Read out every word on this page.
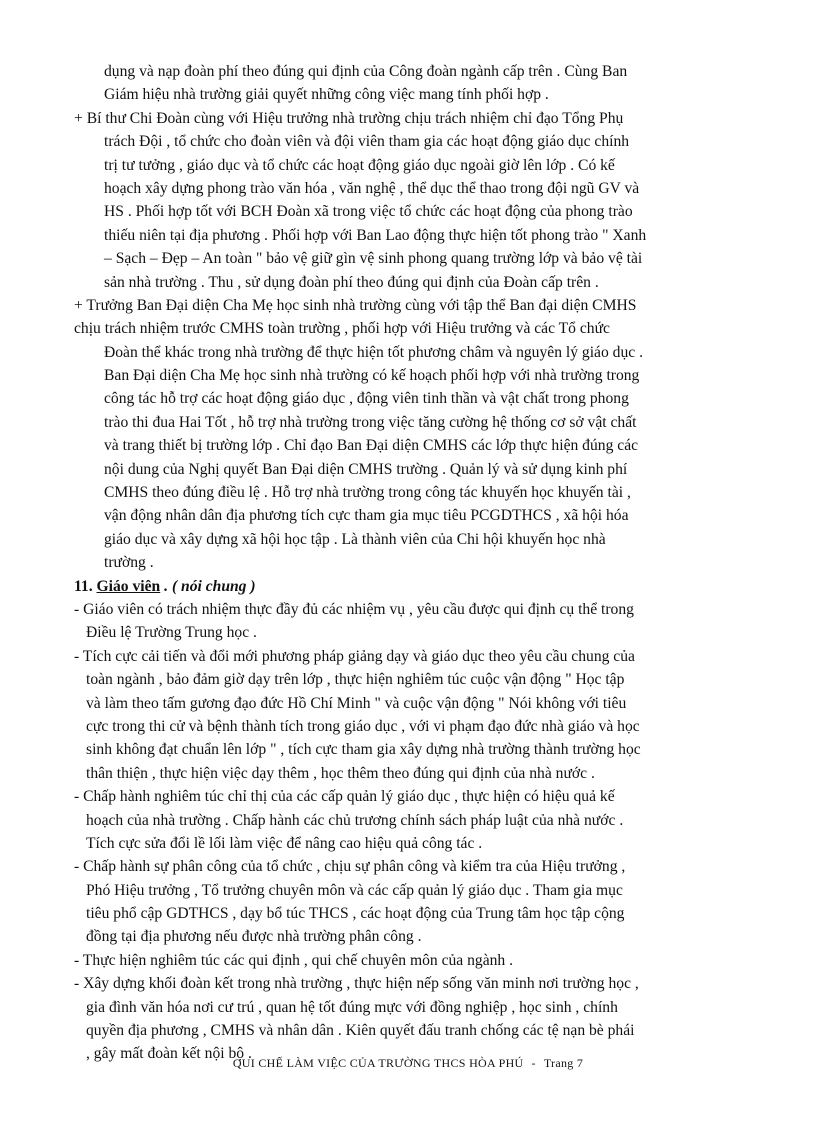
dụng và nạp đoàn phí theo đúng qui định của Công đoàn ngành cấp trên . Cùng Ban
Giám hiệu nhà trường giải quyết những công việc mang tính phối hợp .
+ Bí thư Chi Đoàn cùng với Hiệu trưởng nhà trường chịu trách nhiệm chỉ đạo Tổng Phụ
trách Đội , tổ chức cho đoàn viên và đội viên tham gia các hoạt động giáo dục chính
trị tư tưởng , giáo dục và tổ chức các hoạt động giáo dục ngoài giờ lên lớp . Có kế
hoạch xây dựng phong trào văn hóa , văn nghệ , thể dục thể thao trong đội ngũ GV và
HS . Phối hợp tốt với BCH Đoàn xã trong việc tổ chức các hoạt động của phong trào
thiếu niên tại địa phương . Phối hợp với Ban Lao động thực hiện tốt phong trào " Xanh
– Sạch – Đẹp – An toàn " bảo vệ giữ gìn vệ sinh phong quang trường lớp và bảo vệ tài
sản nhà trường . Thu , sử dụng đoàn phí theo đúng qui định của Đoàn cấp trên .
+ Trưởng Ban Đại diện Cha Mẹ học sinh nhà trường cùng với tập thể Ban đại diện CMHS
chịu trách nhiệm trước CMHS toàn trường , phối hợp với Hiệu trưởng và các Tổ chức
Đoàn thể khác trong nhà trường để thực hiện tốt phương châm và nguyên lý giáo dục .
Ban Đại diện Cha Mẹ học sinh nhà trường có kế hoạch phối hợp với nhà trường trong
công tác hỗ trợ các hoạt động giáo dục , động viên tinh thần và vật chất trong phong
trào thi đua Hai Tốt , hỗ trợ nhà trường trong việc tăng cường hệ thống cơ sở vật chất
và trang thiết bị trường lớp . Chỉ đạo Ban Đại diện CMHS các lớp thực hiện đúng các
nội dung của Nghị quyết Ban Đại diện CMHS trường . Quản lý và sử dụng kinh phí
CMHS theo đúng điều lệ . Hỗ trợ nhà trường trong công tác khuyến học khuyến tài ,
vận động nhân dân địa phương tích cực tham gia mục tiêu PCGDTHCS , xã hội hóa
giáo dục và xây dựng xã hội học tập . Là thành viên của Chi hội khuyến học nhà
trường .
11. Giáo viên . ( nói chung )
- Giáo viên có trách nhiệm thực đầy đủ các nhiệm vụ , yêu cầu được qui định cụ thể trong
Điều lệ Trường Trung học .
- Tích cực cải tiến và đổi mới phương pháp giảng dạy và giáo dục theo yêu cầu chung của
toàn ngành , bảo đảm giờ dạy trên lớp , thực hiện nghiêm túc cuộc vận động " Học tập
và làm theo tấm gương đạo đức Hồ Chí Minh " và cuộc vận động " Nói không với tiêu
cực trong thi cử và bệnh thành tích trong giáo dục , với vi phạm đạo đức nhà giáo và học
sinh không đạt chuẩn lên lớp " , tích cực tham gia xây dựng nhà trường thành trường học
thân thiện , thực hiện việc dạy thêm , học thêm theo đúng qui định của nhà nước .
- Chấp hành nghiêm túc chỉ thị của các cấp quản lý giáo dục , thực hiện có hiệu quả kế
hoạch của nhà trường . Chấp hành các chủ trương chính sách pháp luật của nhà nước .
Tích cực sửa đổi lề lối làm việc để nâng cao hiệu quả công tác .
- Chấp hành sự phân công của tổ chức , chịu sự phân công và kiểm tra của Hiệu trưởng ,
Phó Hiệu trưởng , Tổ trưởng chuyên môn và các cấp quản lý giáo dục . Tham gia mục
tiêu phổ cập GDTHCS , dạy bổ túc THCS , các hoạt động của Trung tâm học tập cộng
đồng tại địa phương nếu được nhà trường phân công .
- Thực hiện nghiêm túc các qui định , qui chế chuyên môn của ngành .
- Xây dựng khối đoàn kết trong nhà trường , thực hiện nếp sống văn minh nơi trường học ,
gia đình văn hóa nơi cư trú , quan hệ tốt đúng mực với đồng nghiệp , học sinh , chính
quyền địa phương , CMHS và nhân dân . Kiên quyết đấu tranh chống các tệ nạn bè phái
, gây mất đoàn kết nội bộ .
QUI CHẾ LÀM VIỆC CỦA TRƯỜNG THCS HÒA PHÚ - Trang 7
